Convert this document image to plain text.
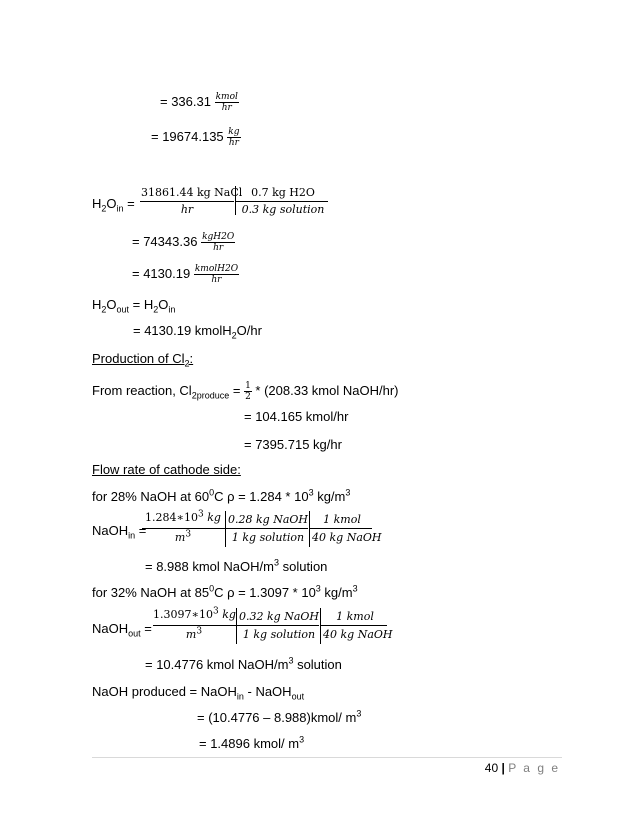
= $336.31 \frac{\text{kmol}}{hr}$
= $19674.135 \frac{kg}{hr}$
$H_2O_{in}$ =
31861.44 kg NaCl
hr
0.7 kg H2O
0.3 kg solution
= $74343.36 \frac{\text{kgH2O}}{hr}$
= $4130.19 \frac{\text{kmolH2O}}{hr}$
$H_2O_{out} = H_2O_{in}$
= 4130.19 kmolH$_2$O/hr
Production of $Cl_2$:
From reaction, $Cl_{2produce} = \frac{1}{2} * (208.33$ kmol NaOH/hr)
= 104.165 kmol/hr
= 7395.715 kg/hr
Flow rate of cathode side:
for 28% NaOH at $60^0C$ $\rho = 1.284 * 10^3$ $kg/m^3$
NaOH$_{in}$ =
$1.284∗10^3$ kg
$m^3$
0.28 kg NaOH
1 kg solution
1 kmol
40 kg NaOH
= 8.988 kmol NaOH/$m^3$ solution
for 32% NaOH at $85^0C$ $\rho = 1.3097 * 10^3$ $kg/m^3$
NaOH$_{out}$ =
$1.3097∗10^3$ kg
$m^3$
0.32 kg NaOH
1 kg solution
1 kmol
40 kg NaOH
= 10.4776 kmol NaOH/$m^3$ solution
NaOH produced = NaOH$_{in}$ - NaOH$_{out}$
= (10.4776 – 8.988)kmol/ $m^3$
= 1.4896 kmol/ $m^3$
40 | P a g e
